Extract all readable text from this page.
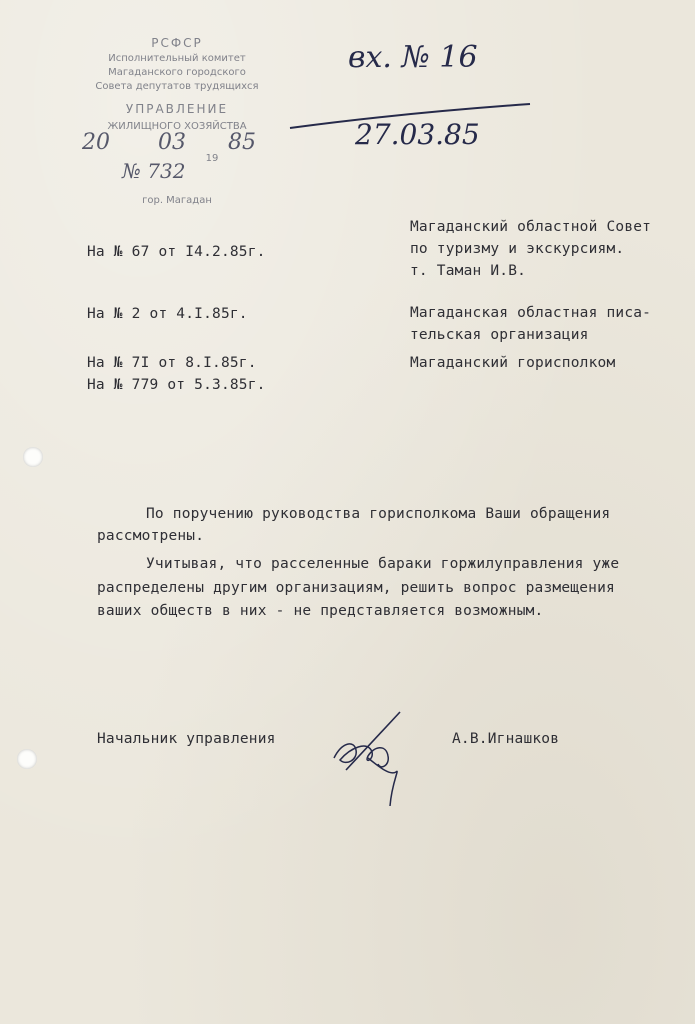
РСФСР
Исполнительный комитет
Магаданского городского
Совета депутатов трудящихся
УПРАВЛЕНИЕ
ЖИЛИЩНОГО ХОЗЯЙСТВА
20 03
19
85
№ 732
гор. Магадан
вх. № 16
27.03.85
На № 67 от I4.2.85г.
На № 2 от 4.I.85г.
На № 7I от 8.I.85г.
На № 779 от 5.3.85г.
Магаданский областной Совет
по туризму и экскурсиям.
т. Таман И.В.
Магаданская областная писа-
тельская организация
Магаданский горисполком
По поручению руководства горисполкома Ваши обращения
рассмотрены.
Учитывая, что расселенные бараки горжилуправления уже
распределены другим организациям, решить вопрос размещения
ваших обществ в них - не представляется возможным.
Начальник управления	А.В.Игнашков
